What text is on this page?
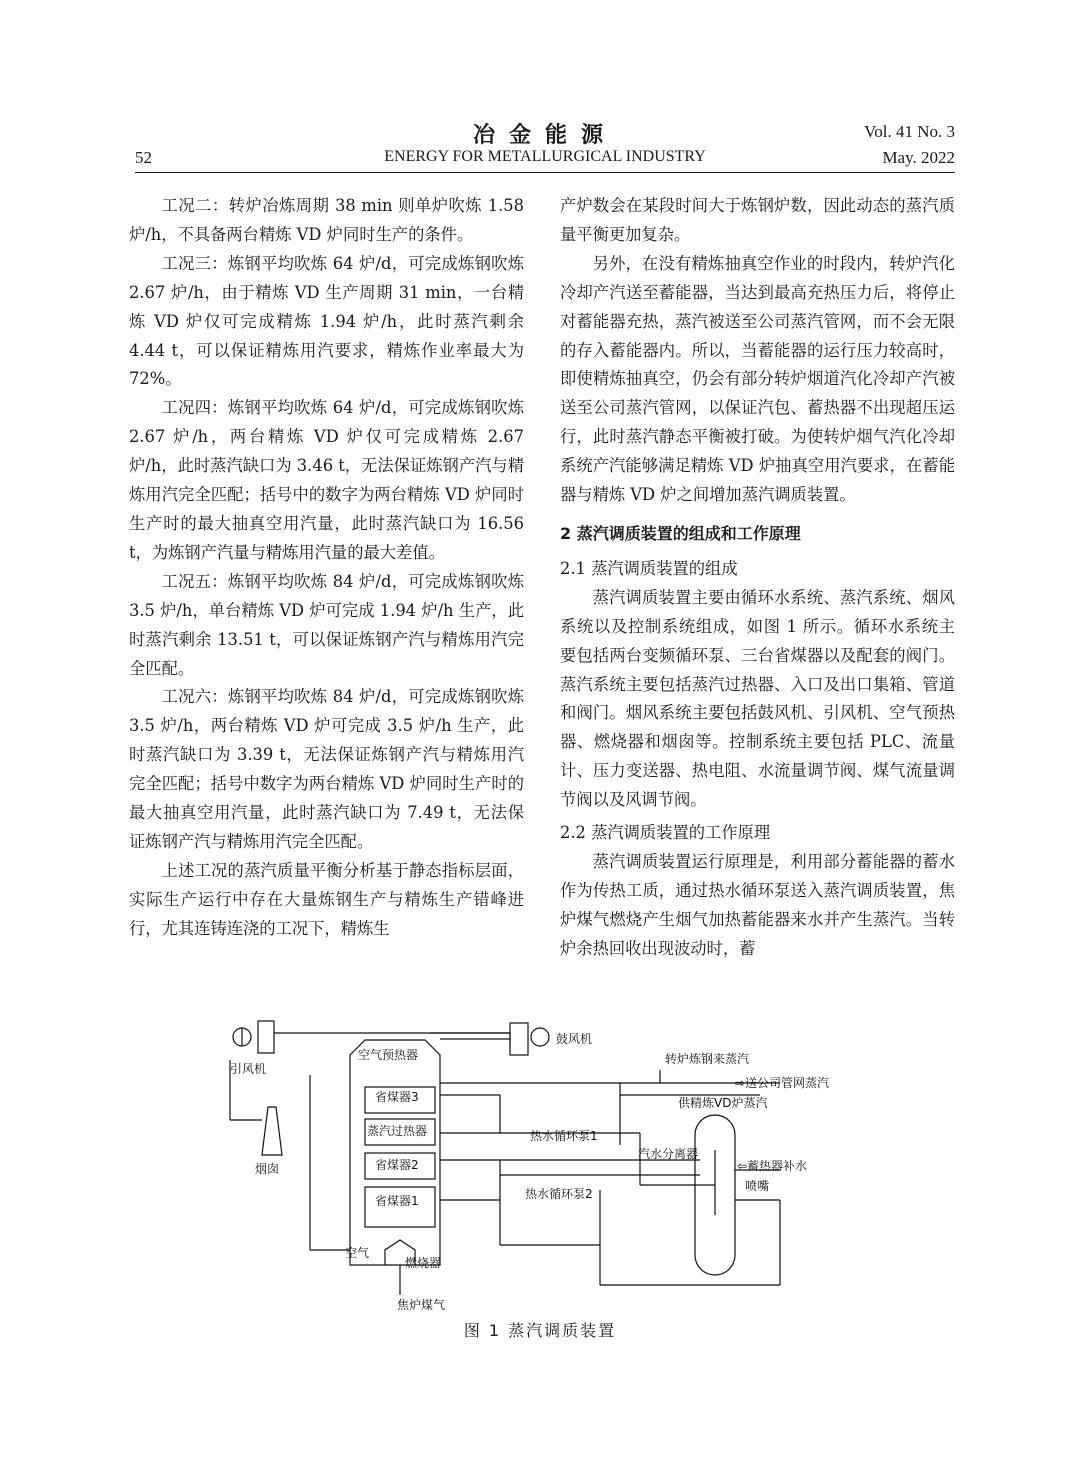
冶金能源	Vol. 41 No. 3
52	ENERGY FOR METALLURGICAL INDUSTRY	May. 2022

工况二：转炉冶炼周期 38 min 则单炉吹炼 1.58 炉/h，不具备两台精炼 VD 炉同时生产的条件。

工况三：炼钢平均吹炼 64 炉/d，可完成炼钢吹炼 2.67 炉/h，由于精炼 VD 生产周期 31 min，一台精炼 VD 炉仅可完成精炼 1.94 炉/h，此时蒸汽剩余 4.44 t，可以保证精炼用汽要求，精炼作业率最大为 72%。

工况四：炼钢平均吹炼 64 炉/d，可完成炼钢吹炼 2.67 炉/h，两台精炼 VD 炉仅可完成精炼 2.67 炉/h，此时蒸汽缺口为 3.46 t，无法保证炼钢产汽与精炼用汽完全匹配；括号中的数字为两台精炼 VD 炉同时生产时的最大抽真空用汽量，此时蒸汽缺口为 16.56 t，为炼钢产汽量与精炼用汽量的最大差值。

工况五：炼钢平均吹炼 84 炉/d，可完成炼钢吹炼 3.5 炉/h，单台精炼 VD 炉可完成 1.94 炉/h 生产，此时蒸汽剩余 13.51 t，可以保证炼钢产汽与精炼用汽完全匹配。

工况六：炼钢平均吹炼 84 炉/d，可完成炼钢吹炼 3.5 炉/h，两台精炼 VD 炉可完成 3.5 炉/h 生产，此时蒸汽缺口为 3.39 t，无法保证炼钢产汽与精炼用汽完全匹配；括号中数字为两台精炼 VD 炉同时生产时的最大抽真空用汽量，此时蒸汽缺口为 7.49 t，无法保证炼钢产汽与精炼用汽完全匹配。

上述工况的蒸汽质量平衡分析基于静态指标层面，实际生产运行中存在大量炼钢生产与精炼生产错峰进行，尤其连铸连浇的工况下，精炼生

产炉数会在某段时间大于炼钢炉数，因此动态的蒸汽质量平衡更加复杂。

另外，在没有精炼抽真空作业的时段内，转炉汽化冷却产汽送至蓄能器，当达到最高充热压力后，将停止对蓄能器充热，蒸汽被送至公司蒸汽管网，而不会无限的存入蓄能器内。所以，当蓄能器的运行压力较高时，即使精炼抽真空，仍会有部分转炉烟道汽化冷却产汽被送至公司蒸汽管网，以保证汽包、蓄热器不出现超压运行，此时蒸汽静态平衡被打破。为使转炉烟气汽化冷却系统产汽能够满足精炼 VD 炉抽真空用汽要求，在蓄能器与精炼 VD 炉之间增加蒸汽调质装置。

2 蒸汽调质装置的组成和工作原理
2.1 蒸汽调质装置的组成

蒸汽调质装置主要由循环水系统、蒸汽系统、烟风系统以及控制系统组成，如图 1 所示。循环水系统主要包括两台变频循环泵、三台省煤器以及配套的阀门。蒸汽系统主要包括蒸汽过热器、入口及出口集箱、管道和阀门。烟风系统主要包括鼓风机、引风机、空气预热器、燃烧器和烟囱等。控制系统主要包括 PLC、流量计、压力变送器、热电阻、水流量调节阀、煤气流量调节阀以及风调节阀。

2.2 蒸汽调质装置的工作原理

蒸汽调质装置运行原理是，利用部分蓄能器的蓄水作为传热工质，通过热水循环泵送入蒸汽调质装置，焦炉煤气燃烧产生烟气加热蓄能器来水并产生蒸汽。当转炉余热回收出现波动时，蓄

引风机
烟囱
空气预热器
鼓风机
省煤器3
蒸汽过热器
省煤器2
省煤器1
空气
燃烧器
焦炉煤气
转炉炼钢来蒸汽
⇨送公司管网蒸汽
供精炼VD炉蒸汽
热水循环泵1
热水循环泵2
汽水分离器
⇦蓄热器补水
喷嘴
图 1 蒸汽调质装置
